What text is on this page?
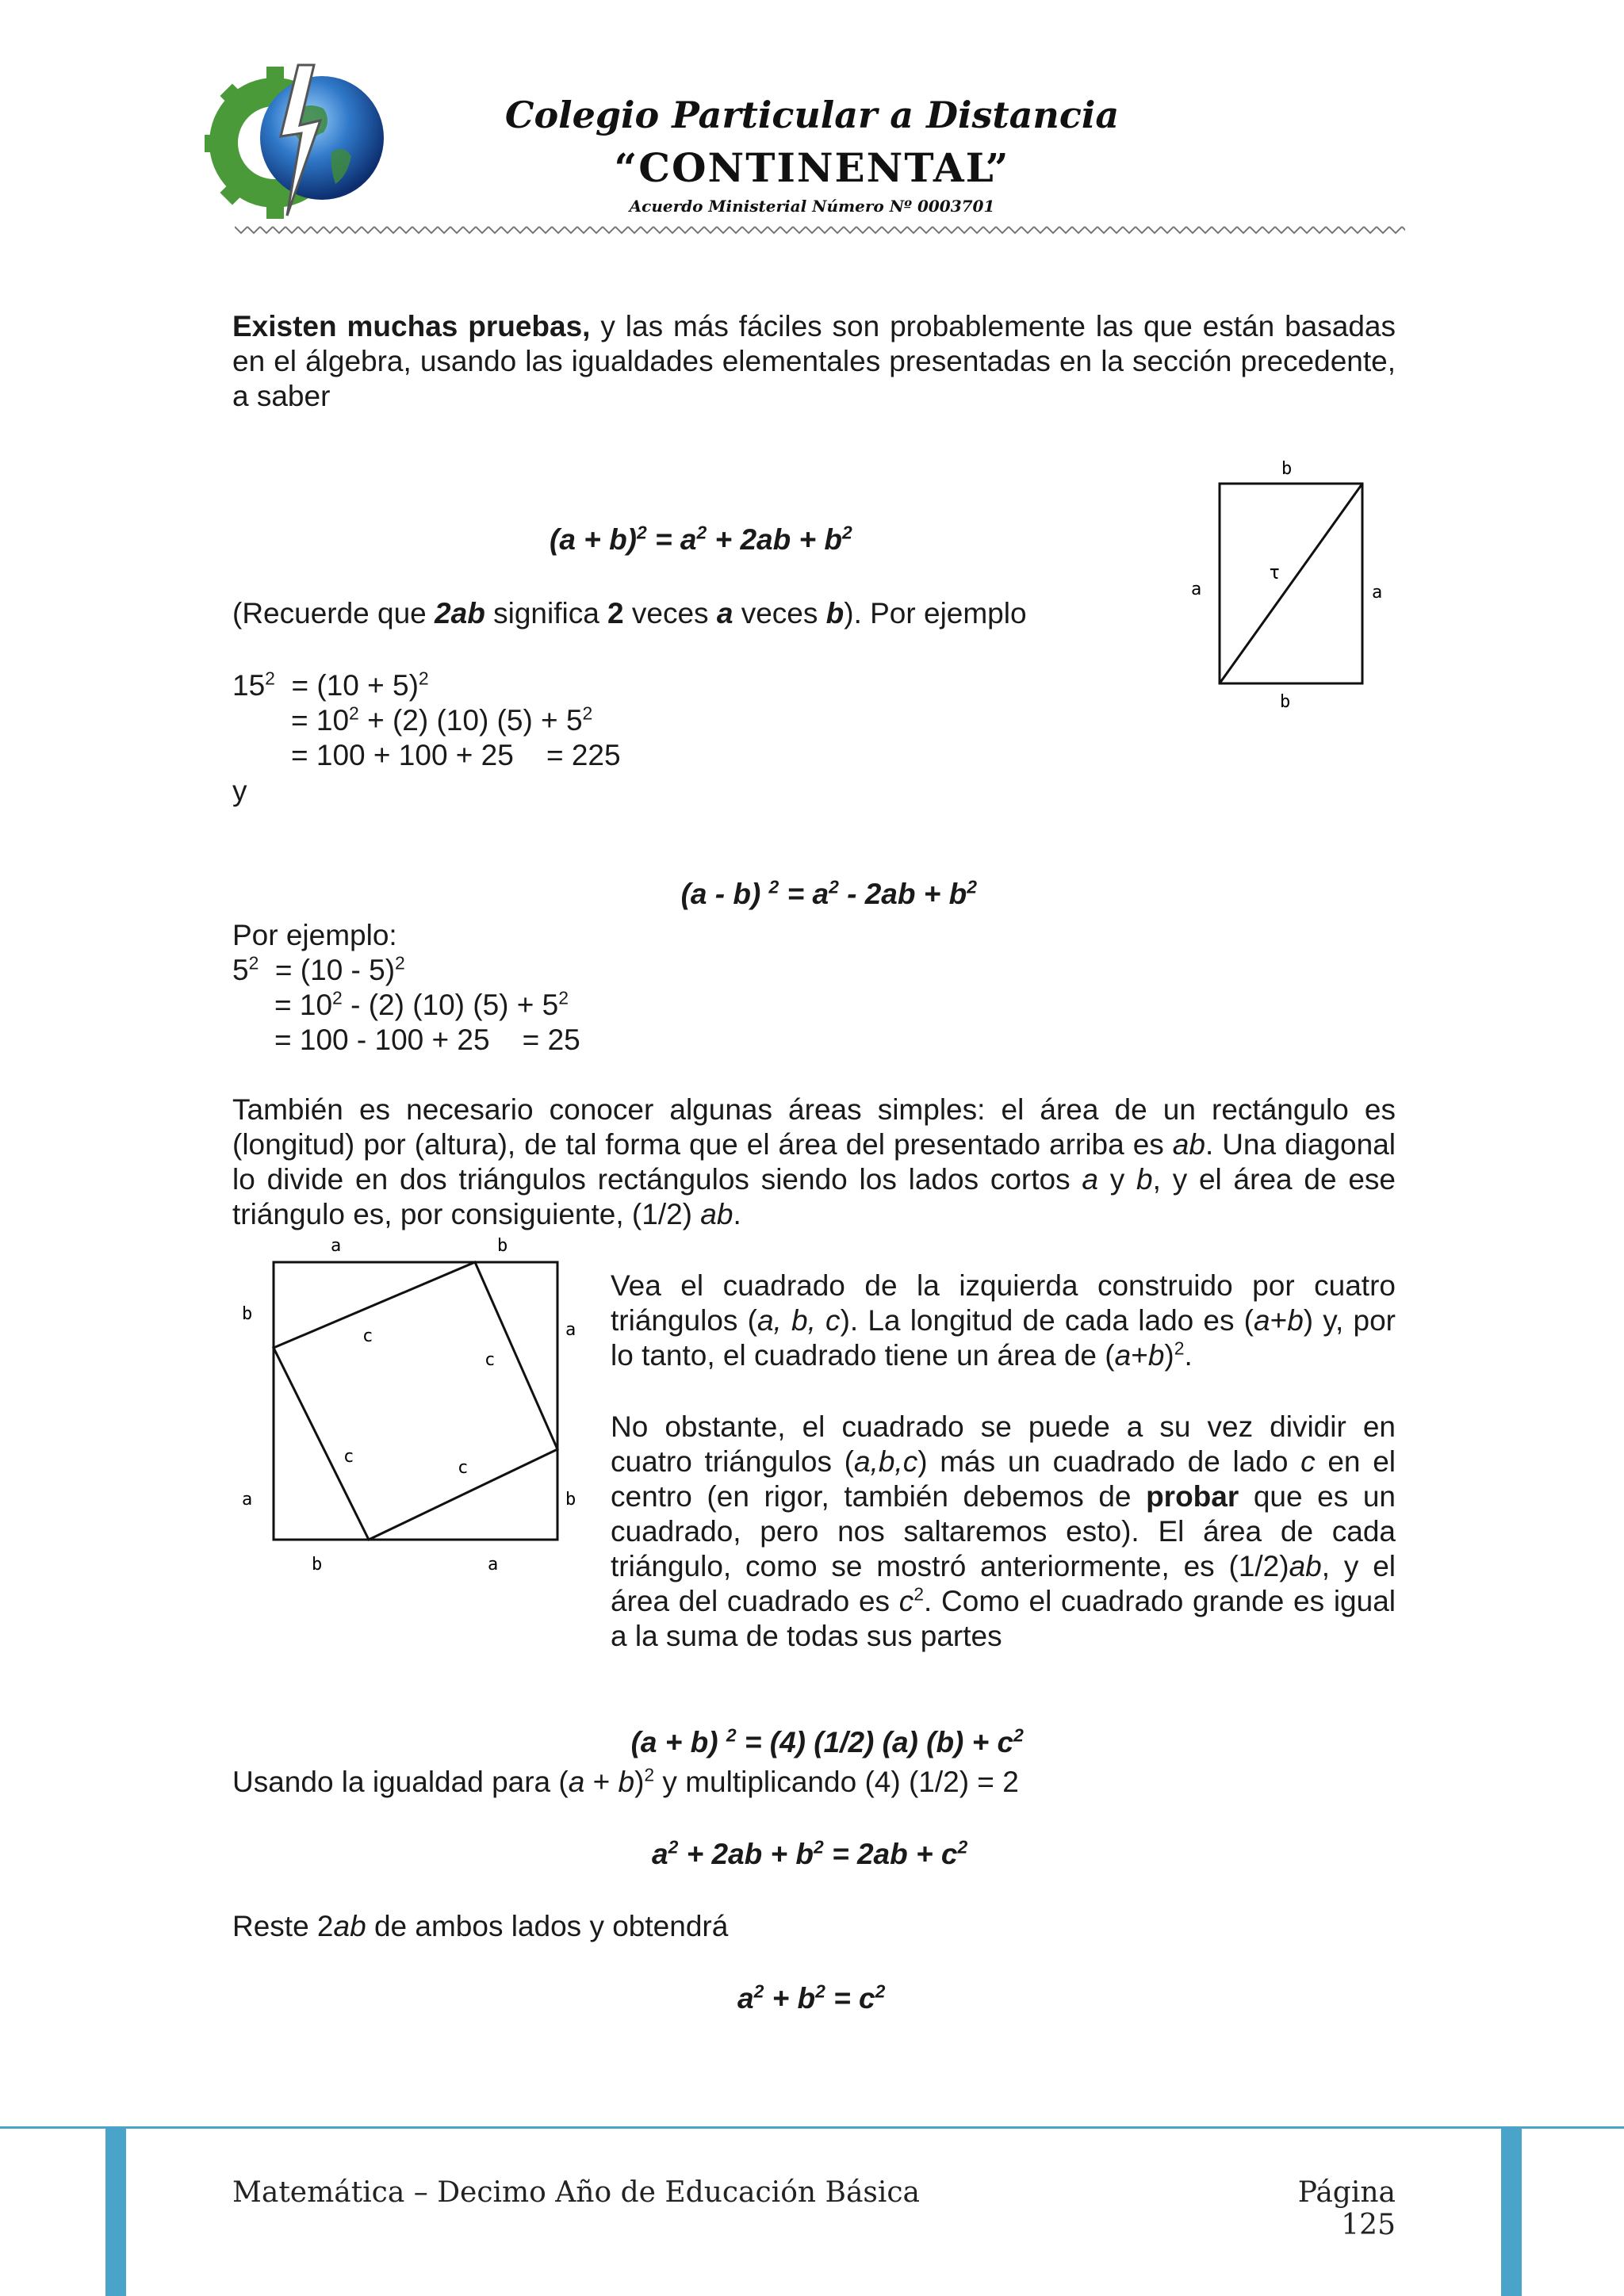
Colegio Particular a Distancia
“CONTINENTAL”
Acuerdo Ministerial Número Nº 0003701
Existen muchas pruebas, y las más fáciles son probablemente las que están basadas en el álgebra, usando las igualdades elementales presentadas en la sección precedente, a saber
b
b
a	a
τ
$(a + b)^2 = a^2 + 2ab + b^2$
(Recuerde que 2ab significa 2 veces a veces b). Por ejemplo
$15^2 = (10 + 5)^2$
= $10^2 + (2)$ (10) $(5) + 5^2$
= 100 + 100 + 25    = 225
y

(a - b) $^2 = a^2 - 2ab + b^2$

Por ejemplo:
$5^2 = (10 - 5)^2$
= $10^2 - (2)$ (10) $(5) + 5^2$
= 100 - 100 + 25    = 25
También es necesario conocer algunas áreas simples: el área de un rectángulo es (longitud) por (altura), de tal forma que el área del presentado arriba es ab. Una diagonal lo divide en dos triángulos rectángulos siendo los lados cortos a y b, y el área de ese triángulo es, por consiguiente, (1/2) ab.
a	b
b
a
a
b
b	a
c
c
c
c
Vea el cuadrado de la izquierda construido por cuatro triángulos (a, b, c). La longitud de cada lado es (a+b) y, por lo tanto, el cuadrado tiene un área de $(a+b)^2$.
No obstante, el cuadrado se puede a su vez dividir en cuatro triángulos (a,b,c) más un cuadrado de lado c en el centro (en rigor, también debemos de probar que es un cuadrado, pero nos saltaremos esto). El área de cada triángulo, como se mostró anteriormente, es (1/2)ab, y el área del cuadrado es $c^2$. Como el cuadrado grande es igual a la suma de todas sus partes

(a + b) $^2$ = (4) (1/2) (a) $(b) + c^2$

Usando la igualdad para $(a + b)^2$ y multiplicando (4) (1/2) = 2
$a^2 + 2ab + b^2 = 2ab + c^2$
Reste 2ab de ambos lados y obtendrá
$a^2 + b^2 = c^2$
Matemática – Decimo Año de Educación Básica	Página 125
